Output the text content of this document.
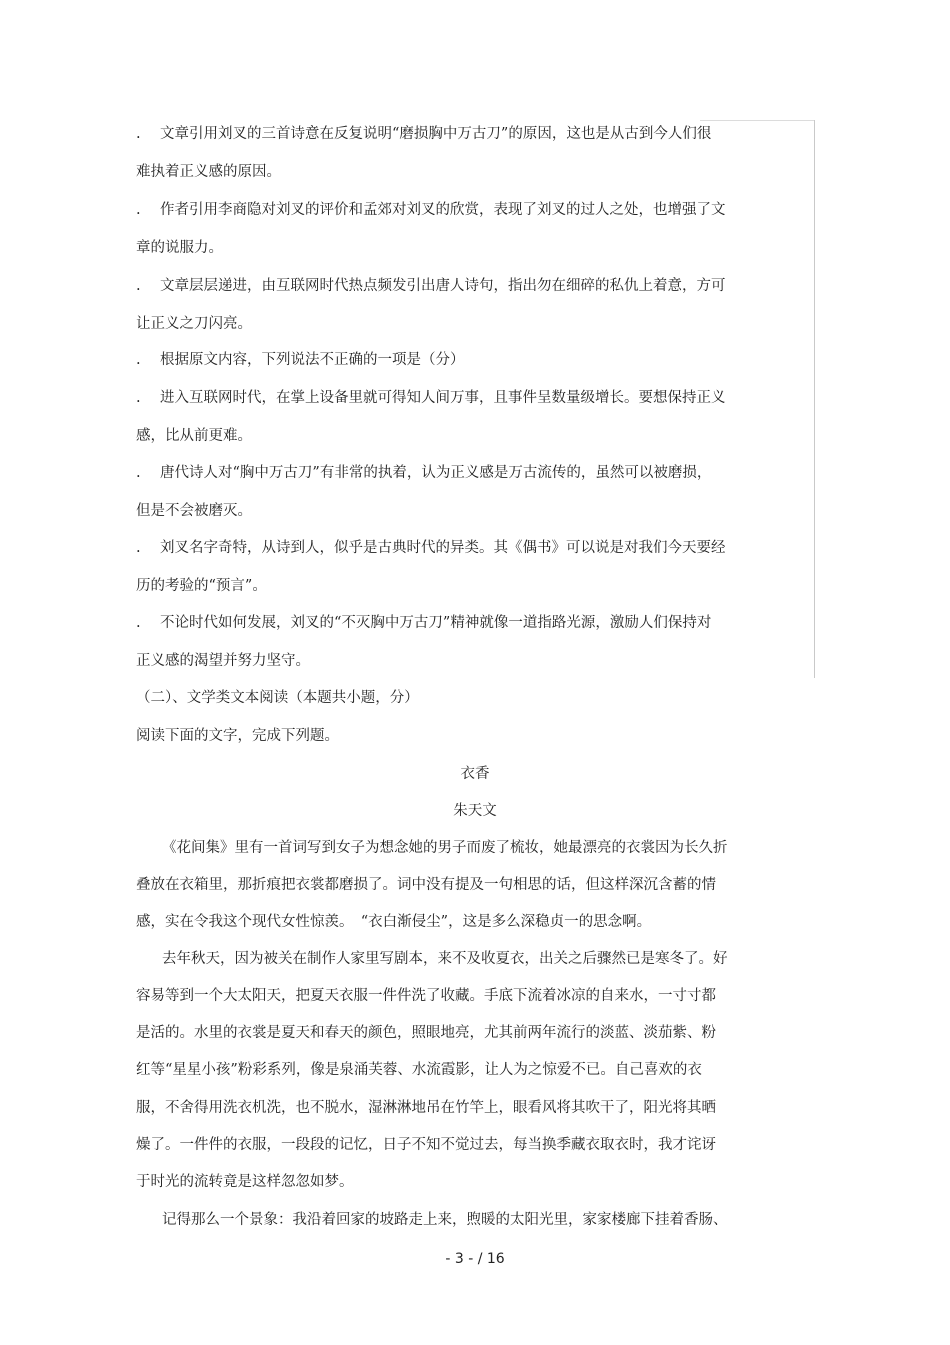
. 文章引用刘叉的三首诗意在反复说明“磨损胸中万古刀”的原因，这也是从古到今人们很
难执着正义感的原因。
. 作者引用李商隐对刘叉的评价和孟郊对刘叉的欣赏，表现了刘叉的过人之处，也增强了文
章的说服力。
. 文章层层递进，由互联网时代热点频发引出唐人诗句，指出勿在细碎的私仇上着意，方可
让正义之刀闪亮。
. 根据原文内容，下列说法不正确的一项是（分）
. 进入互联网时代，在掌上设备里就可得知人间万事，且事件呈数量级增长。要想保持正义
感，比从前更难。
. 唐代诗人对“胸中万古刀”有非常的执着，认为正义感是万古流传的，虽然可以被磨损，
但是不会被磨灭。
. 刘叉名字奇特，从诗到人，似乎是古典时代的异类。其《偶书》可以说是对我们今天要经
历的考验的“预言”。
. 不论时代如何发展，刘叉的“不灭胸中万古刀”精神就像一道指路光源，激励人们保持对
正义感的渴望并努力坚守。
（二）、文学类文本阅读（本题共小题，分）
阅读下面的文字，完成下列题。
衣香
朱天文
《花间集》里有一首词写到女子为想念她的男子而废了梳妆，她最漂亮的衣裳因为长久折
叠放在衣箱里，那折痕把衣裳都磨损了。词中没有提及一句相思的话，但这样深沉含蓄的情
感，实在令我这个现代女性惊羡。　“衣白渐侵尘”，这是多么深稳贞一的思念啊。
去年秋天，因为被关在制作人家里写剧本，来不及收夏衣，出关之后骤然已是寒冬了。好
容易等到一个大太阳天，把夏天衣服一件件洗了收藏。手底下流着冰凉的自来水，一寸寸都
是活的。水里的衣裳是夏天和春天的颜色，照眼地亮，尤其前两年流行的淡蓝、淡茄紫、粉
红等“星星小孩”粉彩系列，像是泉涌芙蓉、水流霞影，让人为之惊爱不已。自己喜欢的衣
服，不舍得用洗衣机洗，也不脱水，湿淋淋地吊在竹竿上，眼看风将其吹干了，阳光将其晒
燥了。一件件的衣服，一段段的记忆，日子不知不觉过去，每当换季藏衣取衣时，我才诧讶
于时光的流转竟是这样忽忽如梦。
记得那么一个景象：我沿着回家的坡路走上来，煦暖的太阳光里，家家楼廊下挂着香肠、
- 3 - / 16
